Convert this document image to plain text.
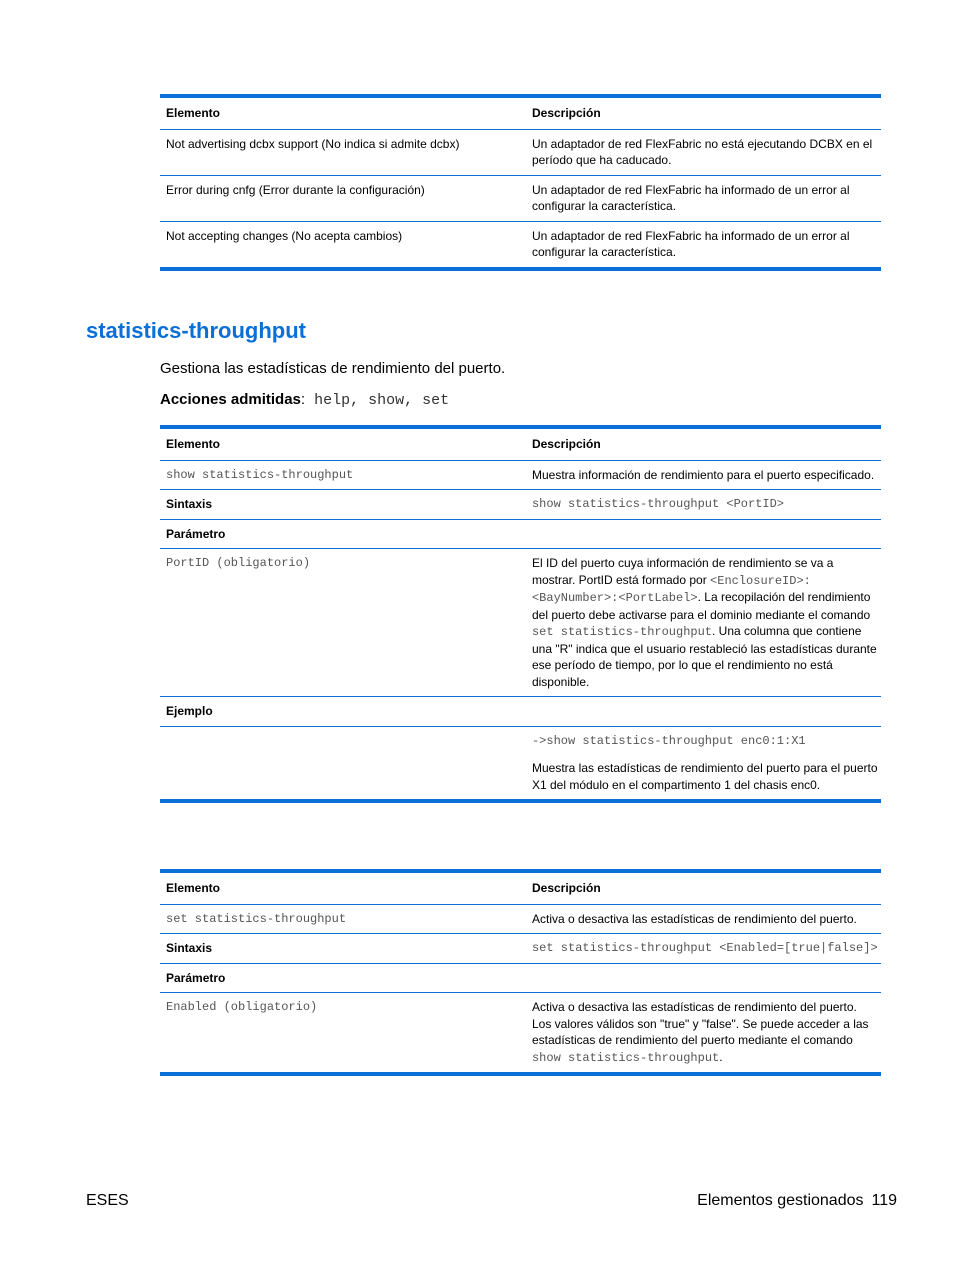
Elemento	Descripción
Not advertising dcbx support (No indica si admite dcbx)	Un adaptador de red FlexFabric no está ejecutando DCBX en el período que ha caducado.
Error during cnfg (Error durante la configuración)	Un adaptador de red FlexFabric ha informado de un error al configurar la característica.
Not accepting changes (No acepta cambios)	Un adaptador de red FlexFabric ha informado de un error al configurar la característica.
statistics-throughput

Gestiona las estadísticas de rendimiento del puerto.

Acciones admitidas: help, show, set

Elemento	Descripción
show statistics-throughput	Muestra información de rendimiento para el puerto especificado.
Sintaxis	show statistics-throughput <PortID>
Parámetro	
PortID (obligatorio)	El ID del puerto cuya información de rendimiento se va a mostrar. PortID está formado por <EnclosureID>:<BayNumber>:<PortLabel>. La recopilación del rendimiento del puerto debe activarse para el dominio mediante el comando set statistics-throughput. Una columna que contiene una "R" indica que el usuario restableció las estadísticas durante ese período de tiempo, por lo que el rendimiento no está disponible.
Ejemplo	

	->show statistics-throughput enc0:1:X1

Muestra las estadísticas de rendimiento del puerto para el puerto X1 del módulo en el compartimento 1 del chasis enc0.

Elemento	Descripción
set statistics-throughput	Activa o desactiva las estadísticas de rendimiento del puerto.
Sintaxis	set statistics-throughput <Enabled=[true|false]>
Parámetro	
Enabled (obligatorio)	Activa o desactiva las estadísticas de rendimiento del puerto. Los valores válidos son "true" y "false". Se puede acceder a las estadísticas de rendimiento del puerto mediante el comando show statistics-throughput.
ESES	Elementos gestionados 119
